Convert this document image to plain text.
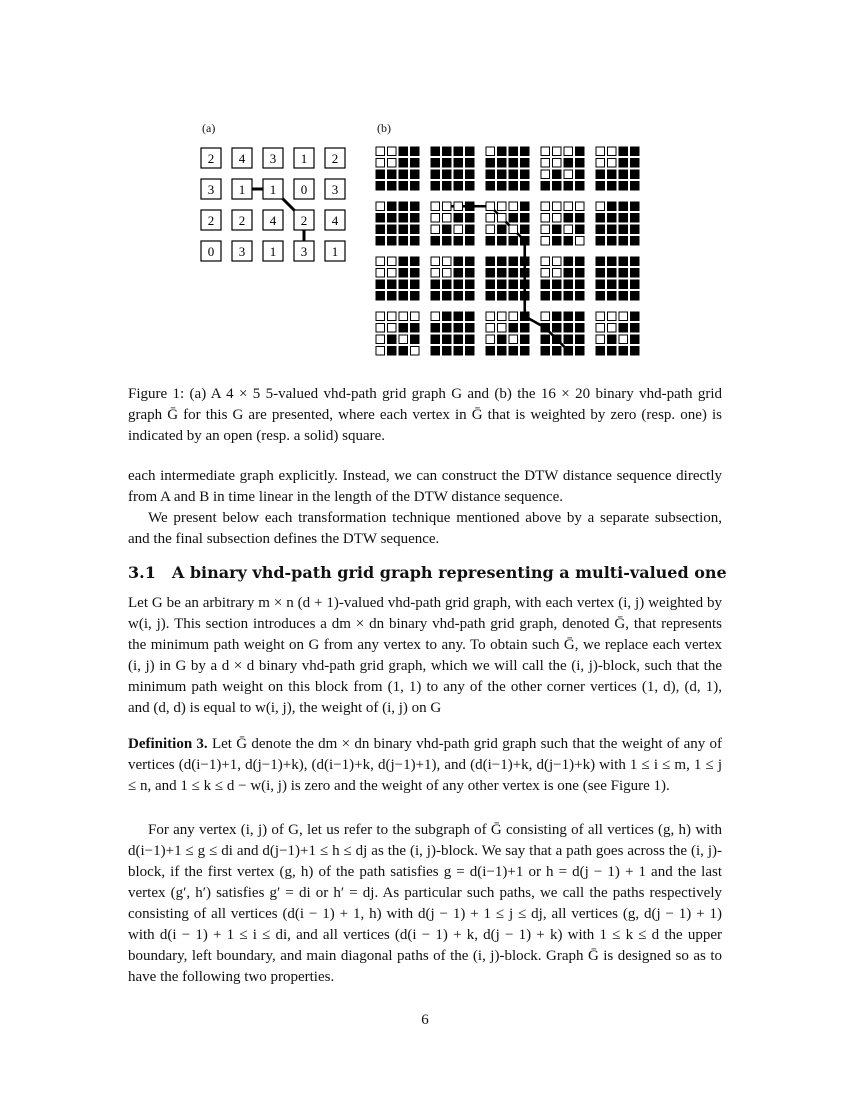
(a)	(b)
2 4 3 1 2
3 1 1 0 3
2 2 4 2 4
0 3 1 3 1

Figure 1: (a) A 4 × 5 5-valued vhd-path grid graph G and (b) the 16 × 20 binary vhd-path grid graph Ḡ for this G are presented, where each vertex in Ḡ that is weighted by zero (resp. one) is indicated by an open (resp. a solid) square.

each intermediate graph explicitly. Instead, we can construct the DTW distance sequence directly from A and B in time linear in the length of the DTW distance sequence.

We present below each transformation technique mentioned above by a separate subsection, and the final subsection defines the DTW sequence.

3.1 A binary vhd-path grid graph representing a multi-valued one

Let G be an arbitrary m × n (d + 1)-valued vhd-path grid graph, with each vertex (i, j) weighted by w(i, j). This section introduces a dm × dn binary vhd-path grid graph, denoted Ḡ, that represents the minimum path weight on G from any vertex to any. To obtain such Ḡ, we replace each vertex (i, j) in G by a d × d binary vhd-path grid graph, which we will call the (i, j)-block, such that the minimum path weight on this block from (1, 1) to any of the other corner vertices (1, d), (d, 1), and (d, d) is equal to w(i, j), the weight of (i, j) on G

Definition 3. Let Ḡ denote the dm × dn binary vhd-path grid graph such that the weight of any of vertices (d(i−1)+1, d(j−1)+k), (d(i−1)+k, d(j−1)+1), and (d(i−1)+k, d(j−1)+k) with 1 ≤ i ≤ m, 1 ≤ j ≤ n, and 1 ≤ k ≤ d − w(i, j) is zero and the weight of any other vertex is one (see Figure 1).

For any vertex (i, j) of G, let us refer to the subgraph of Ḡ consisting of all vertices (g, h) with d(i−1)+1 ≤ g ≤ di and d(j−1)+1 ≤ h ≤ dj as the (i, j)-block. We say that a path goes across the (i, j)-block, if the first vertex (g, h) of the path satisfies g = d(i−1)+1 or h = d(j − 1) + 1 and the last vertex (g′, h′) satisfies g′ = di or h′ = dj. As particular such paths, we call the paths respectively consisting of all vertices (d(i − 1) + 1, h) with d(j − 1) + 1 ≤ j ≤ dj, all vertices (g, d(j − 1) + 1) with d(i − 1) + 1 ≤ i ≤ di, and all vertices (d(i − 1) + k, d(j − 1) + k) with 1 ≤ k ≤ d the upper boundary, left boundary, and main diagonal paths of the (i, j)-block. Graph Ḡ is designed so as to have the following two properties.

6
